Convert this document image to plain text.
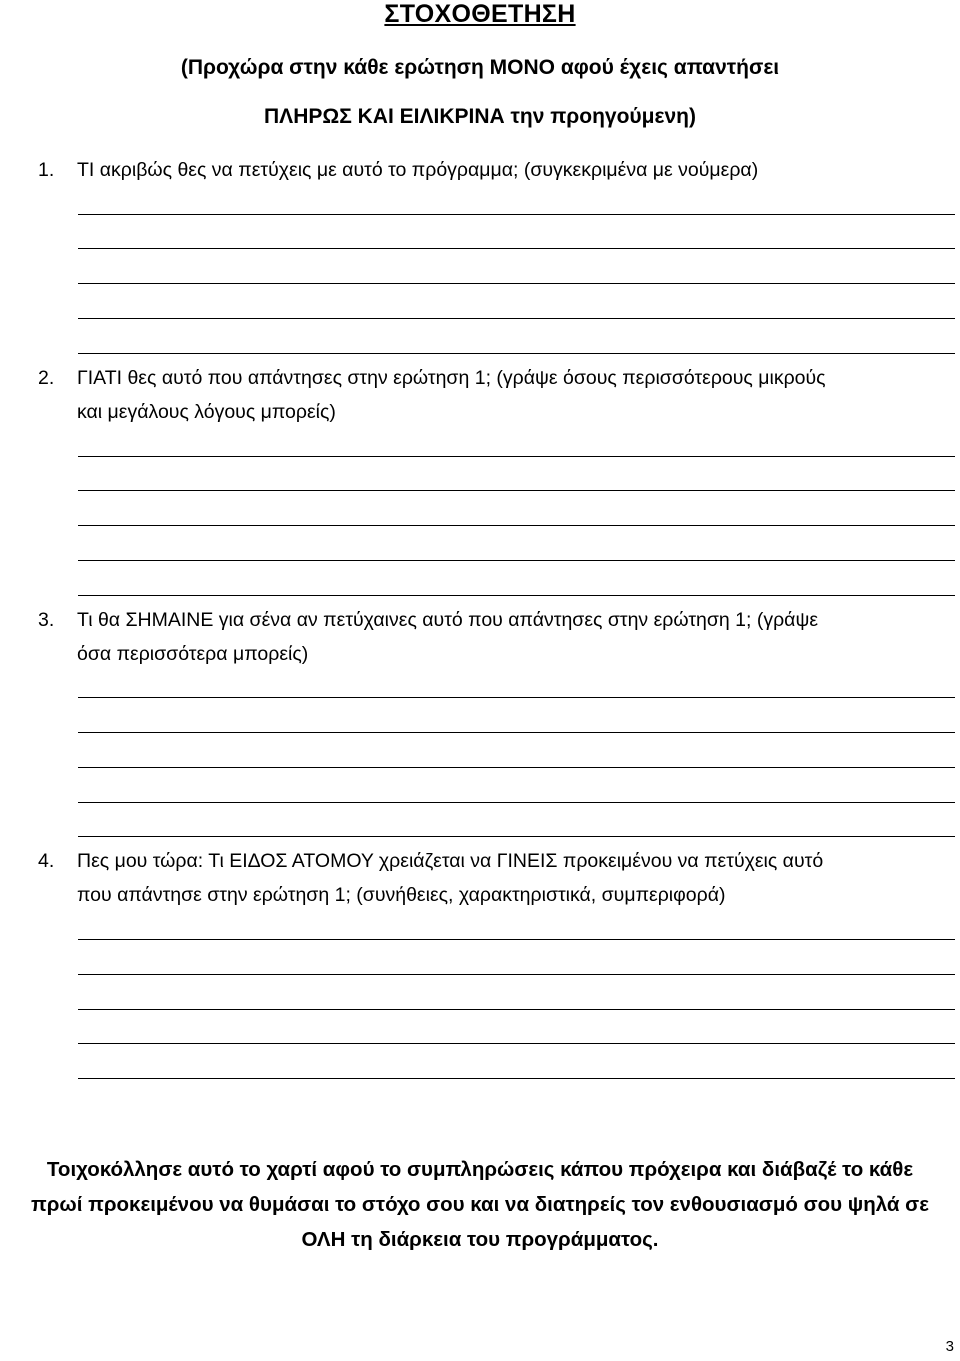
ΣΤΟΧΟΘΕΤΗΣΗ
(Προχώρα στην κάθε ερώτηση ΜΟΝΟ αφού έχεις απαντήσει
ΠΛΗΡΩΣ ΚΑΙ ΕΙΛΙΚΡΙΝΑ την προηγούμενη)
1.	ΤΙ ακριβώς θες να πετύχεις με αυτό το πρόγραμμα; (συγκεκριμένα με νούμερα)
2.	ΓΙΑΤΙ θες αυτό που απάντησες στην ερώτηση 1; (γράψε όσους περισσότερους μικρούς
και μεγάλους λόγους μπορείς)
3.	Τι θα ΣΗΜΑΙΝΕ για σένα αν πετύχαινες αυτό που απάντησες στην ερώτηση 1; (γράψε
όσα περισσότερα μπορείς)
4.	Πες μου τώρα: Τι ΕΙΔΟΣ ΑΤΟΜΟΥ χρειάζεται να ΓΙΝΕΙΣ προκειμένου να πετύχεις αυτό
που απάντησε στην ερώτηση 1; (συνήθειες, χαρακτηριστικά, συμπεριφορά)
Τοιχοκόλλησε αυτό το χαρτί αφού το συμπληρώσεις κάπου πρόχειρα και διάβαζέ το κάθε
πρωί προκειμένου να θυμάσαι το στόχο σου και να διατηρείς τον ενθουσιασμό σου ψηλά σε
ΟΛΗ τη διάρκεια του προγράμματος.
3
